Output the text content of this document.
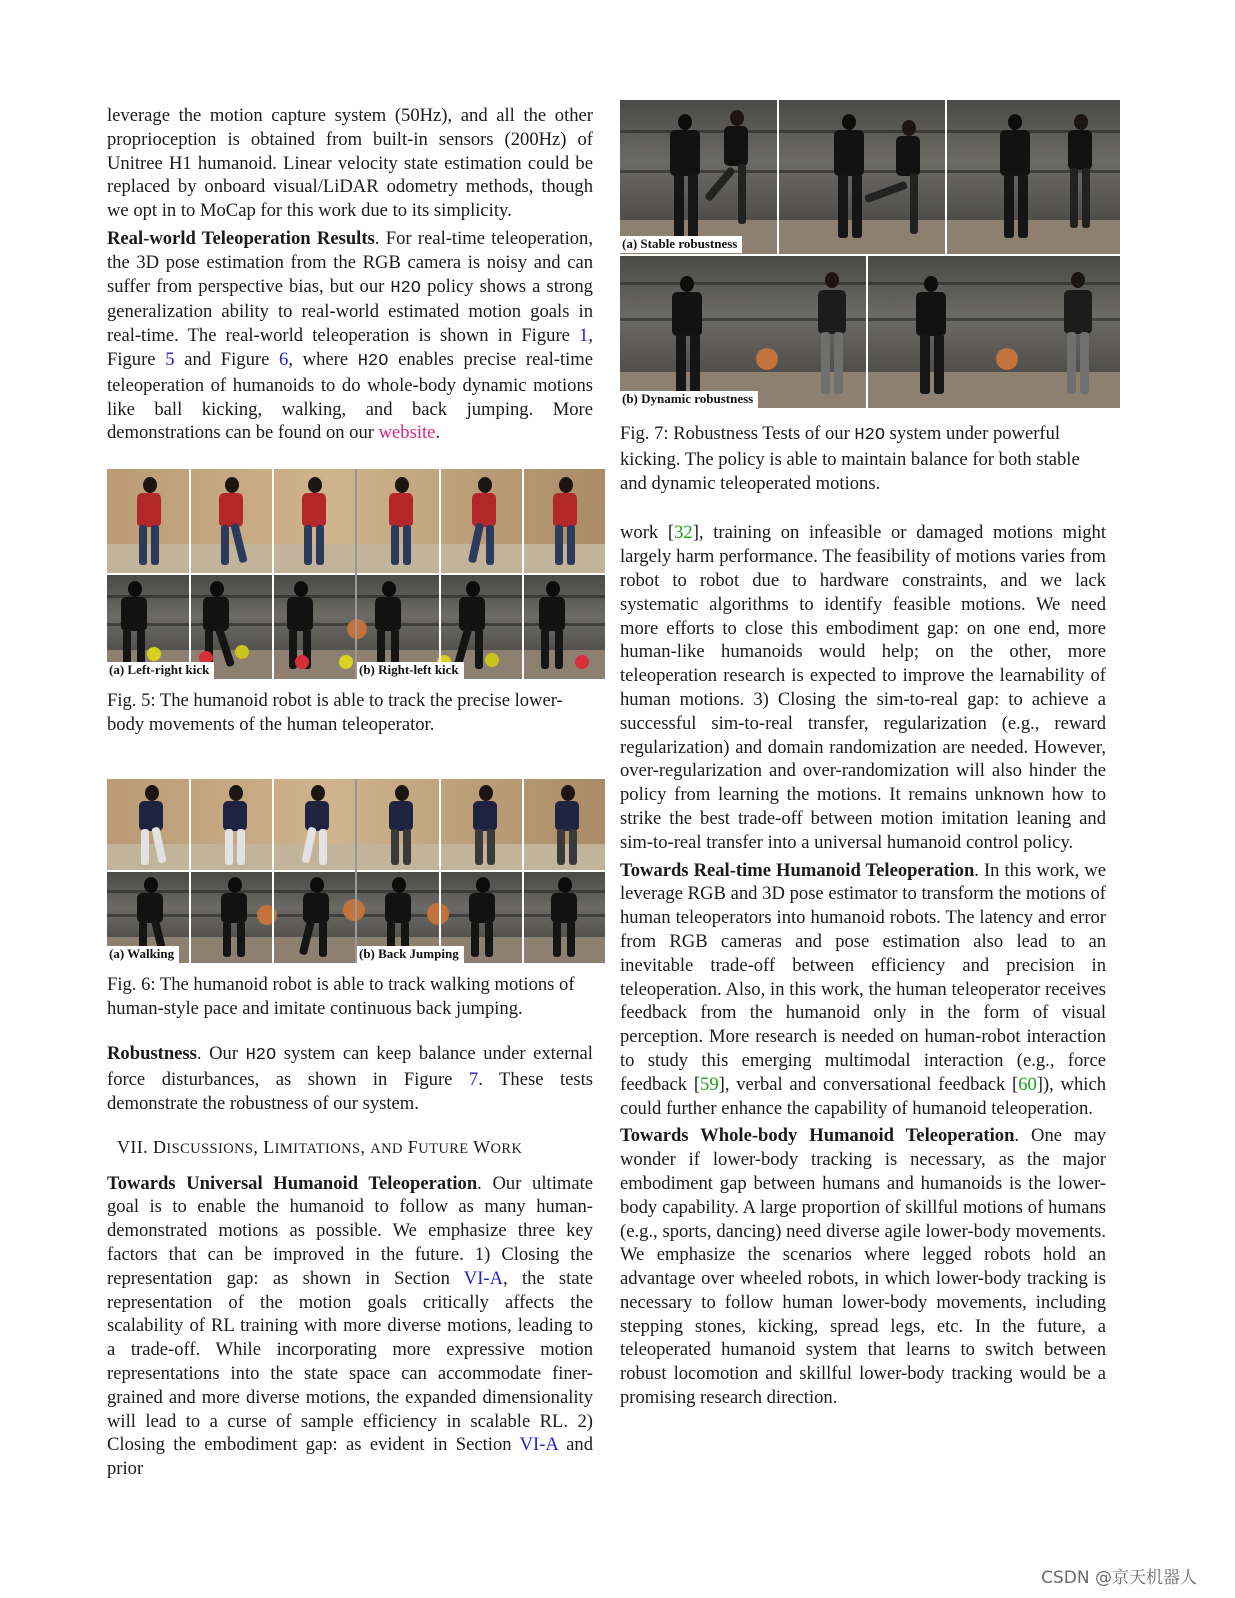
leverage the motion capture system (50Hz), and all the other proprioception is obtained from built-in sensors (200Hz) of Unitree H1 humanoid. Linear velocity state estimation could be replaced by onboard visual/LiDAR odometry methods, though we opt in to MoCap for this work due to its simplicity.

Real-world Teleoperation Results. For real-time teleoperation, the 3D pose estimation from the RGB camera is noisy and can suffer from perspective bias, but our H2O policy shows a strong generalization ability to real-world estimated motion goals in real-time. The real-world teleoperation is shown in Figure 1, Figure 5 and Figure 6, where H2O enables precise real-time teleoperation of humanoids to do whole-body dynamic motions like ball kicking, walking, and back jumping. More demonstrations can be found on our website.

(a) Left-right kick	(b) Right-left kick

Fig. 5: The humanoid robot is able to track the precise lower-body movements of the human teleoperator.

(a) Walking	(b) Back Jumping

Fig. 6: The humanoid robot is able to track walking motions of human-style pace and imitate continuous back jumping.

Robustness. Our H2O system can keep balance under external force disturbances, as shown in Figure 7. These tests demonstrate the robustness of our system.

VII. DISCUSSIONS, LIMITATIONS, AND FUTURE WORK

Towards Universal Humanoid Teleoperation. Our ultimate goal is to enable the humanoid to follow as many human-demonstrated motions as possible. We emphasize three key factors that can be improved in the future. 1) Closing the representation gap: as shown in Section VI-A, the state representation of the motion goals critically affects the scalability of RL training with more diverse motions, leading to a trade-off. While incorporating more expressive motion representations into the state space can accommodate finer-grained and more diverse motions, the expanded dimensionality will lead to a curse of sample efficiency in scalable RL. 2) Closing the embodiment gap: as evident in Section VI-A and prior

(a) Stable robustness
(b) Dynamic robustness

Fig. 7: Robustness Tests of our H2O system under powerful kicking. The policy is able to maintain balance for both stable and dynamic teleoperated motions.

work [32], training on infeasible or damaged motions might largely harm performance. The feasibility of motions varies from robot to robot due to hardware constraints, and we lack systematic algorithms to identify feasible motions. We need more efforts to close this embodiment gap: on one end, more human-like humanoids would help; on the other, more teleoperation research is expected to improve the learnability of human motions. 3) Closing the sim-to-real gap: to achieve a successful sim-to-real transfer, regularization (e.g., reward regularization) and domain randomization are needed. However, over-regularization and over-randomization will also hinder the policy from learning the motions. It remains unknown how to strike the best trade-off between motion imitation leaning and sim-to-real transfer into a universal humanoid control policy.

Towards Real-time Humanoid Teleoperation. In this work, we leverage RGB and 3D pose estimator to transform the motions of human teleoperators into humanoid robots. The latency and error from RGB cameras and pose estimation also lead to an inevitable trade-off between efficiency and precision in teleoperation. Also, in this work, the human teleoperator receives feedback from the humanoid only in the form of visual perception. More research is needed on human-robot interaction to study this emerging multimodal interaction (e.g., force feedback [59], verbal and conversational feedback [60]), which could further enhance the capability of humanoid teleoperation.

Towards Whole-body Humanoid Teleoperation. One may wonder if lower-body tracking is necessary, as the major embodiment gap between humans and humanoids is the lower-body capability. A large proportion of skillful motions of humans (e.g., sports, dancing) need diverse agile lower-body movements. We emphasize the scenarios where legged robots hold an advantage over wheeled robots, in which lower-body tracking is necessary to follow human lower-body movements, including stepping stones, kicking, spread legs, etc. In the future, a teleoperated humanoid system that learns to switch between robust locomotion and skillful lower-body tracking would be a promising research direction.

CSDN @京天机器人
